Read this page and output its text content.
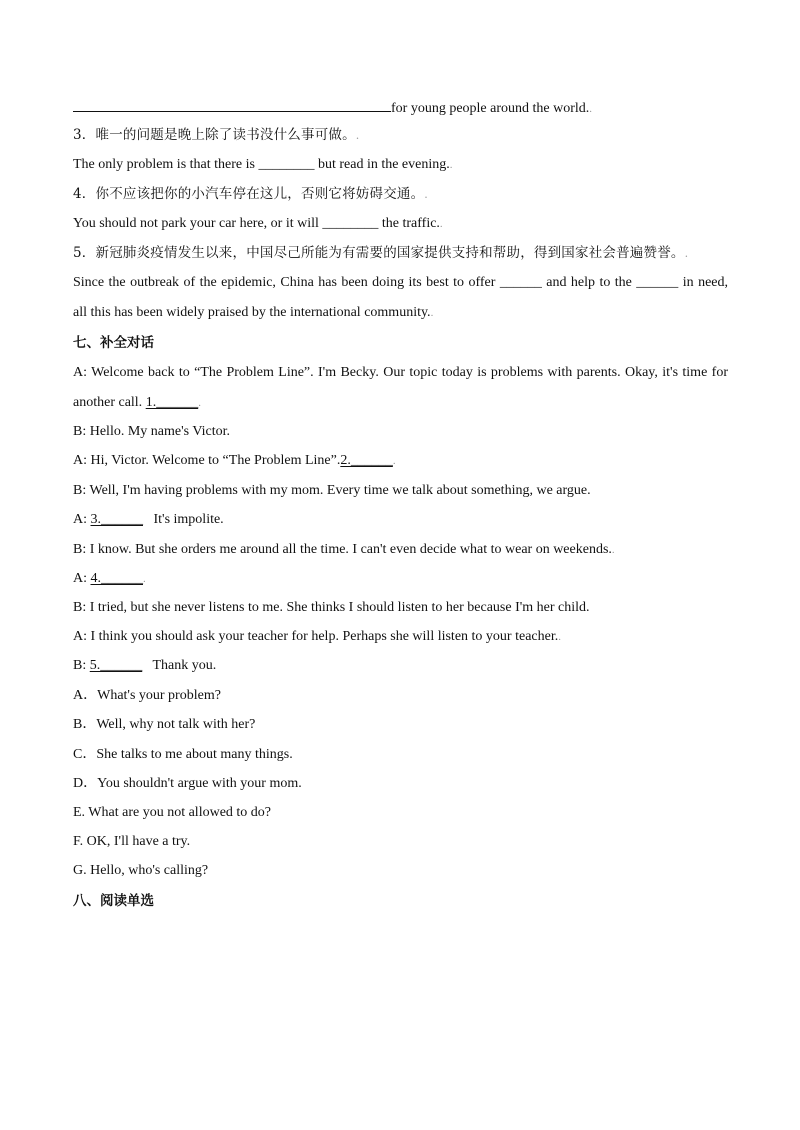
for young people around the world..
3．唯一的问题是晚上除了读书没什么事可做。.
The only problem is that there is ________ but read in the evening..
4．你不应该把你的小汽车停在这儿，否则它将妨碍交通。.
You should not park your car here, or it will ________ the traffic..
5．新冠肺炎疫情发生以来，中国尽己所能为有需要的国家提供支持和帮助，得到国家社会普遍赞誉。.
Since the outbreak of the epidemic, China has been doing its best to offer ______ and help to the ______ in need,
all this has been widely praised by the international community..
七、补全对话
A: Welcome back to “The Problem Line”. I'm Becky. Our topic today is problems with parents. Okay, it's time for
another call. 1.______.
B: Hello. My name's Victor.
A: Hi, Victor. Welcome to “The Problem Line”.2.______.
B: Well, I'm having problems with my mom. Every time we talk about something, we argue.
A: 3.______ It's impolite.
B: I know. But she orders me around all the time. I can't even decide what to wear on weekends..
A: 4.______.
B: I tried, but she never listens to me. She thinks I should listen to her because I'm her child.
A: I think you should ask your teacher for help. Perhaps she will listen to your teacher..
B: 5.______ Thank you.
A．What's your problem?
B．Well, why not talk with her?
C．She talks to me about many things.
D．You shouldn't argue with your mom.
E. What are you not allowed to do?
F. OK, I'll have a try.
G. Hello, who's calling?
八、阅读单选
